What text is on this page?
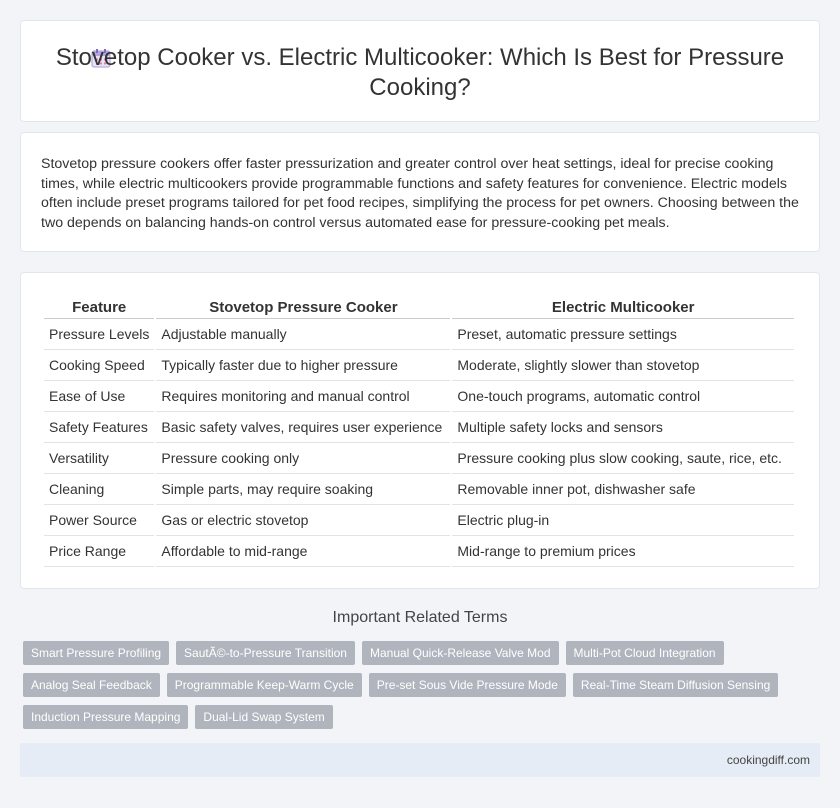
Stovetop Cooker vs. Electric Multicooker: Which Is Best for Pressure Cooking?

Stovetop pressure cookers offer faster pressurization and greater control over heat settings, ideal for precise cooking times, while electric multicookers provide programmable functions and safety features for convenience. Electric models often include preset programs tailored for pet food recipes, simplifying the process for pet owners. Choosing between the two depends on balancing hands-on control versus automated ease for pressure-cooking pet meals.

Feature	Stovetop Pressure Cooker	Electric Multicooker
Pressure Levels	Adjustable manually	Preset, automatic pressure settings
Cooking Speed	Typically faster due to higher pressure	Moderate, slightly slower than stovetop
Ease of Use	Requires monitoring and manual control	One-touch programs, automatic control
Safety Features	Basic safety valves, requires user experience	Multiple safety locks and sensors
Versatility	Pressure cooking only	Pressure cooking plus slow cooking, saute, rice, etc.
Cleaning	Simple parts, may require soaking	Removable inner pot, dishwasher safe
Power Source	Gas or electric stovetop	Electric plug-in
Price Range	Affordable to mid-range	Mid-range to premium prices
Important Related Terms
Smart Pressure Profiling	SautÃ©-to-Pressure Transition	Manual Quick-Release Valve Mod	Multi-Pot Cloud Integration
Analog Seal Feedback	Programmable Keep-Warm Cycle	Pre-set Sous Vide Pressure Mode	Real-Time Steam Diffusion Sensing
Induction Pressure Mapping	Dual-Lid Swap System
cookingdiff.com
